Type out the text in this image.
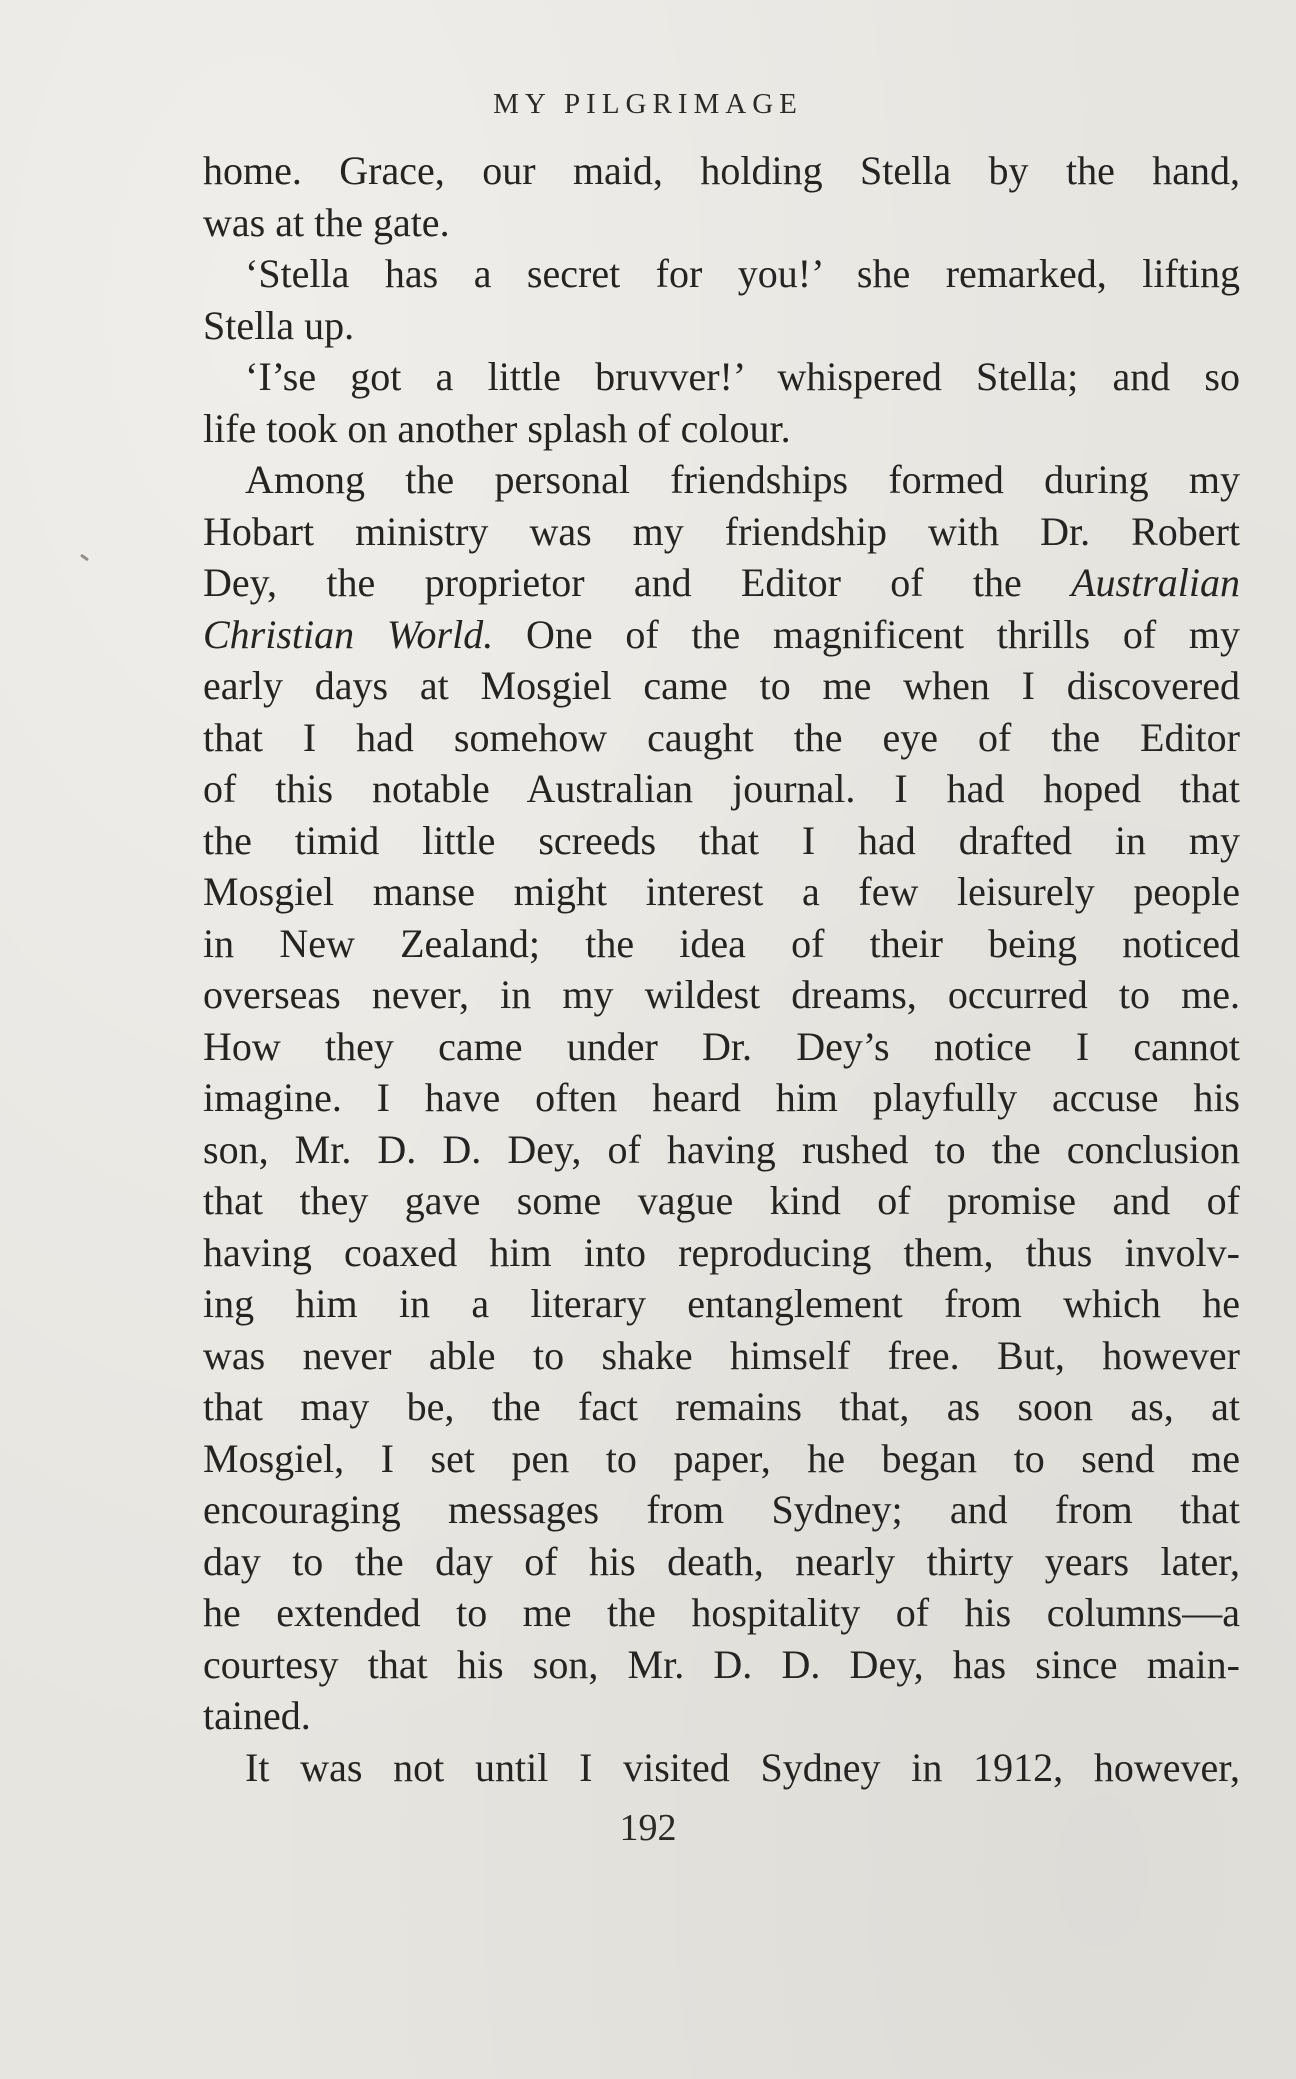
MY PILGRIMAGE
home. Grace, our maid, holding Stella by the hand,
was at the gate.
‘Stella has a secret for you!’ she remarked, lifting
Stella up.
‘I’se got a little bruvver!’ whispered Stella; and so
life took on another splash of colour.
Among the personal friendships formed during my
Hobart ministry was my friendship with Dr. Robert
Dey, the proprietor and Editor of the Australian
Christian World. One of the magnificent thrills of my
early days at Mosgiel came to me when I discovered
that I had somehow caught the eye of the Editor
of this notable Australian journal. I had hoped that
the timid little screeds that I had drafted in my
Mosgiel manse might interest a few leisurely people
in New Zealand; the idea of their being noticed
overseas never, in my wildest dreams, occurred to me.
How they came under Dr. Dey’s notice I cannot
imagine. I have often heard him playfully accuse his
son, Mr. D. D. Dey, of having rushed to the conclusion
that they gave some vague kind of promise and of
having coaxed him into reproducing them, thus involv-
ing him in a literary entanglement from which he
was never able to shake himself free. But, however
that may be, the fact remains that, as soon as, at
Mosgiel, I set pen to paper, he began to send me
encouraging messages from Sydney; and from that
day to the day of his death, nearly thirty years later,
he extended to me the hospitality of his columns—a
courtesy that his son, Mr. D. D. Dey, has since main-
tained.
It was not until I visited Sydney in 1912, however,
192
